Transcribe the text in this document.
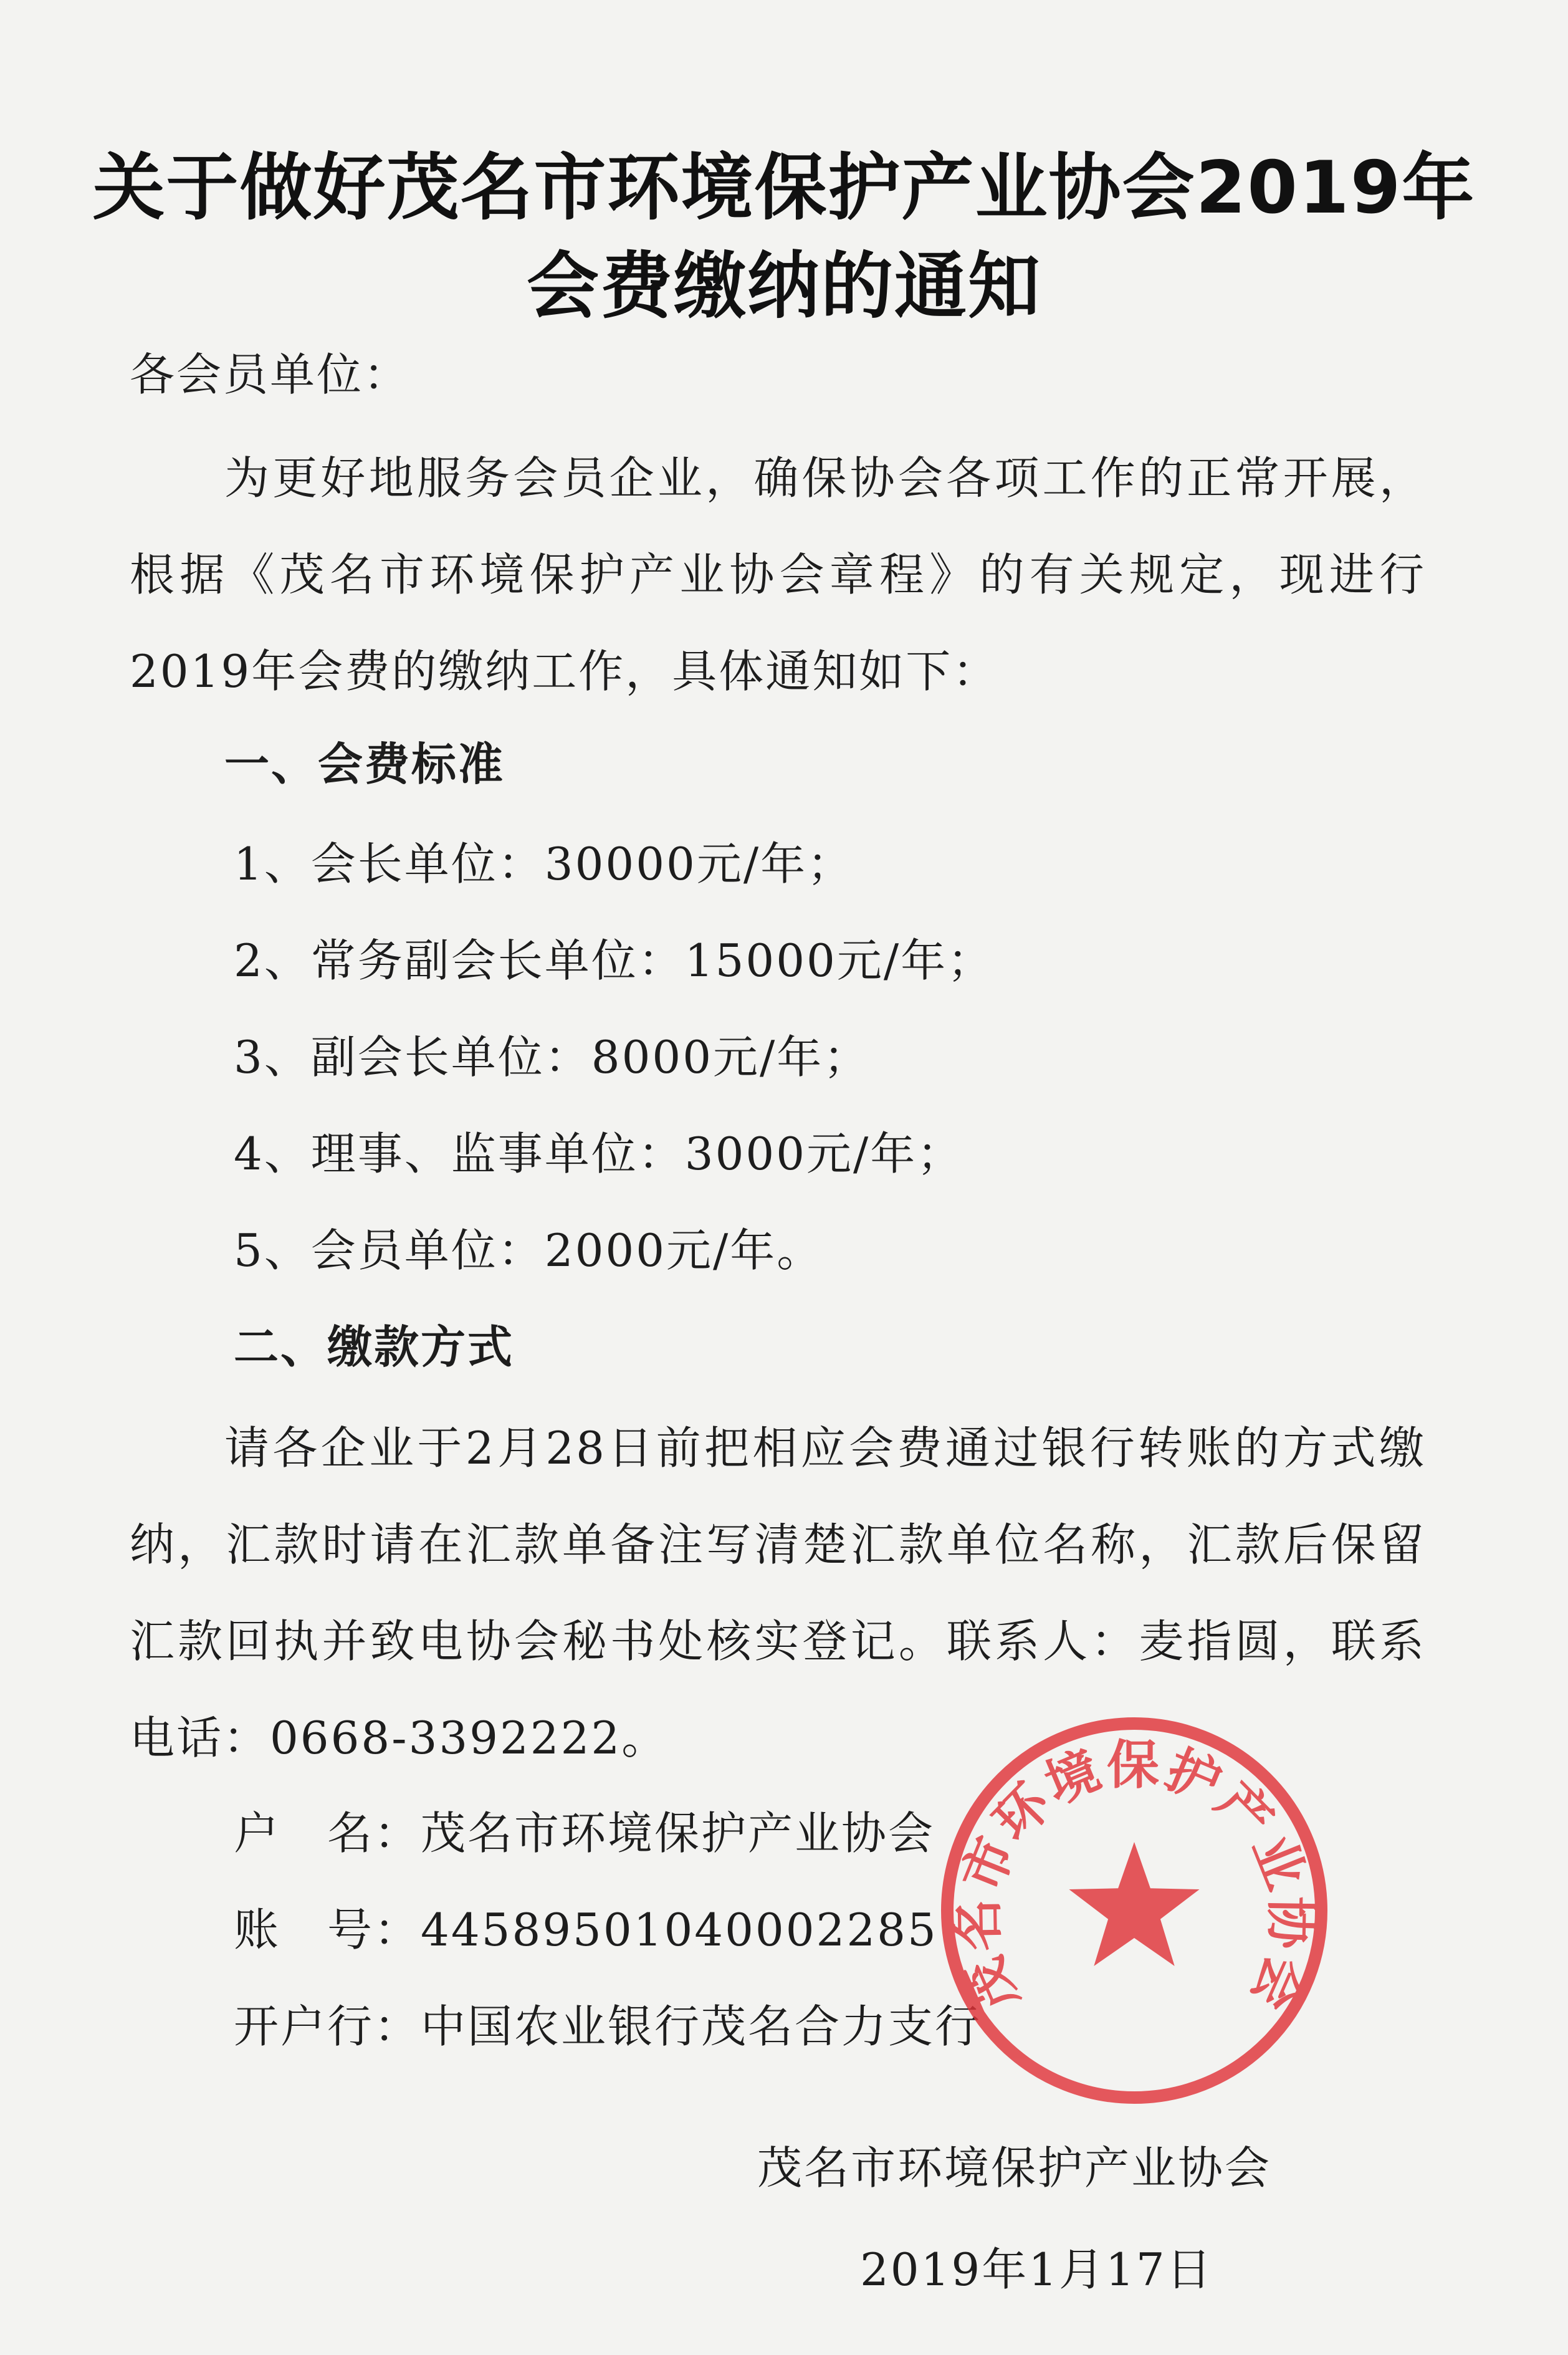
关于做好茂名市环境保护产业协会2019年
会费缴纳的通知
各会员单位：
为更好地服务会员企业，确保协会各项工作的正常开展，根据《茂名市环境保护产业协会章程》的有关规定，现进行2019年会费的缴纳工作，具体通知如下：
一、会费标准
1、会长单位：30000元/年；
2、常务副会长单位：15000元/年；
3、副会长单位：8000元/年；
4、理事、监事单位：3000元/年；
5、会员单位：2000元/年。
二、缴款方式
请各企业于2月28日前把相应会费通过银行转账的方式缴纳，汇款时请在汇款单备注写清楚汇款单位名称，汇款后保留汇款回执并致电协会秘书处核实登记。联系人：麦指圆，联系电话：0668-3392222。
户　名：茂名市环境保护产业协会
账　号：44589501040002285
开户行：中国农业银行茂名合力支行
茂名市环境保护产业协会
2019年1月17日
茂名市环境保护产业协会
